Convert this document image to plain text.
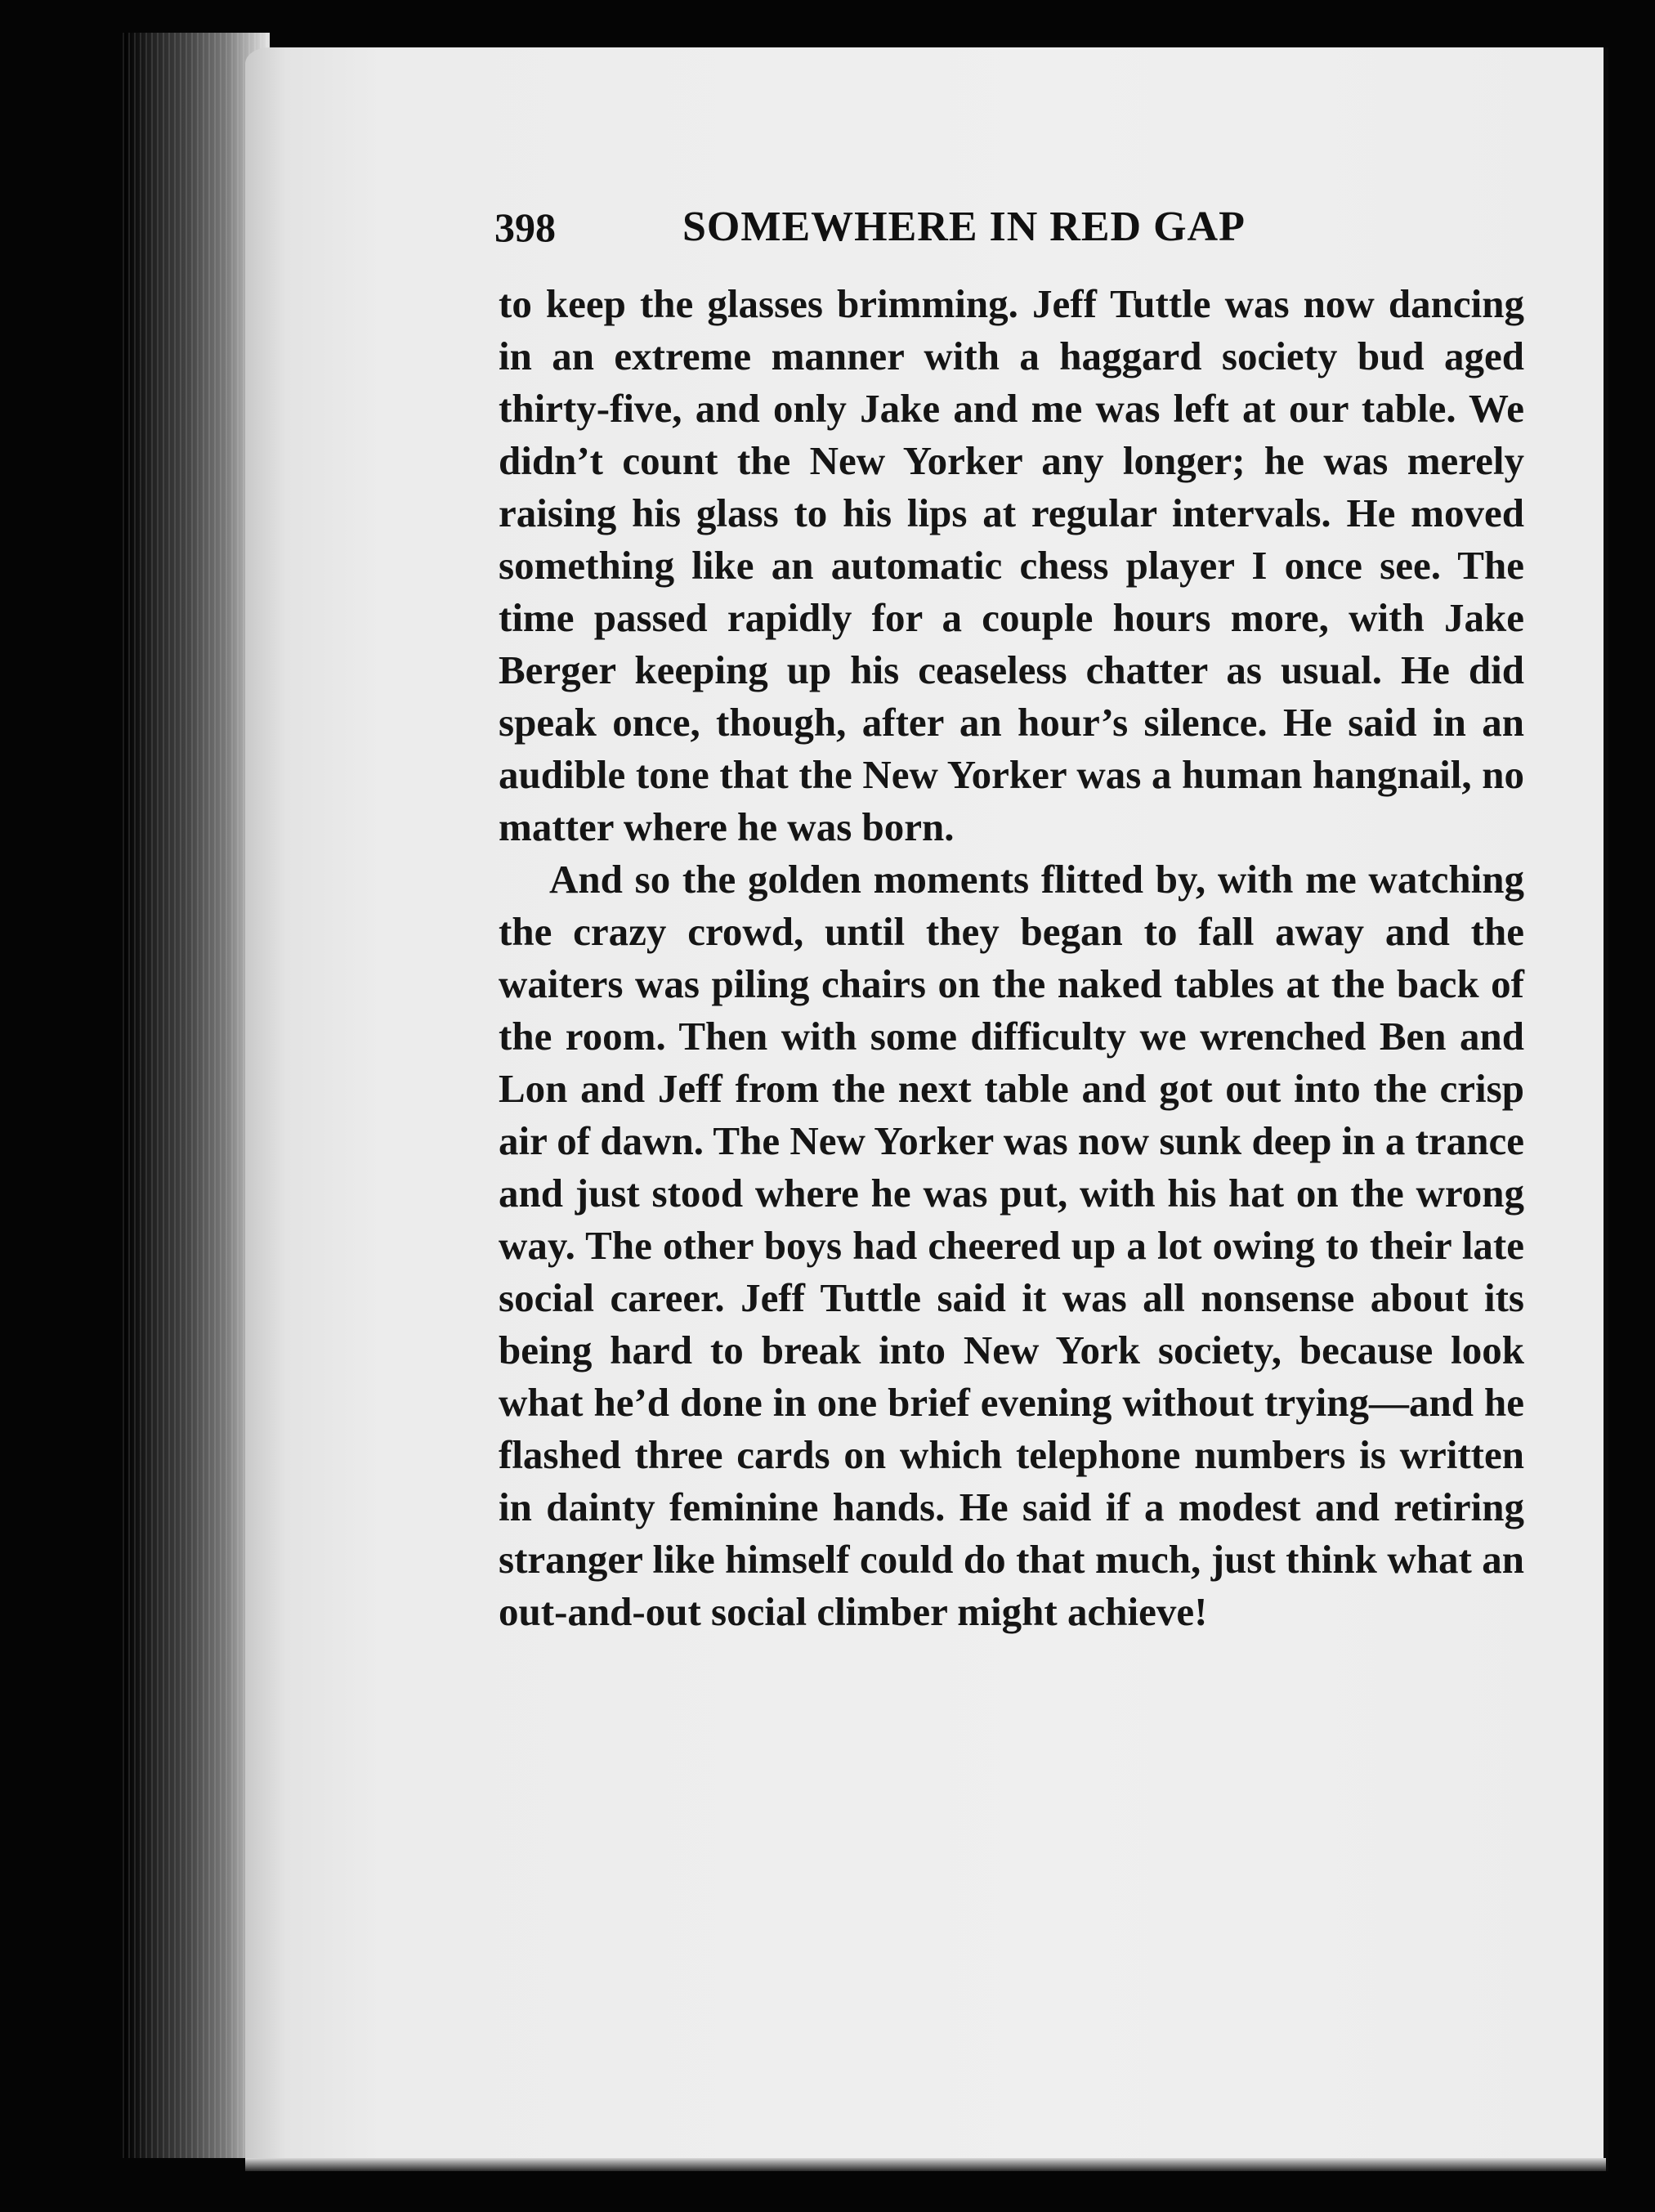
398	SOMEWHERE IN RED GAP

to keep the glasses brimming. Jeff Tuttle was now dancing in an extreme manner with a haggard society bud aged thirty-five, and only Jake and me was left at our table. We didn’t count the New Yorker any longer; he was merely raising his glass to his lips at regular intervals. He moved something like an automatic chess player I once see. The time passed rapidly for a couple hours more, with Jake Berger keeping up his ceaseless chatter as usual. He did speak once, though, after an hour’s silence. He said in an audible tone that the New Yorker was a human hangnail, no matter where he was born.

And so the golden moments flitted by, with me watching the crazy crowd, until they began to fall away and the waiters was piling chairs on the naked tables at the back of the room. Then with some difficulty we wrenched Ben and Lon and Jeff from the next table and got out into the crisp air of dawn. The New Yorker was now sunk deep in a trance and just stood where he was put, with his hat on the wrong way. The other boys had cheered up a lot owing to their late social career. Jeff Tuttle said it was all nonsense about its being hard to break into New York society, because look what he’d done in one brief evening without trying—and he flashed three cards on which telephone numbers is written in dainty feminine hands. He said if a modest and retiring stranger like himself could do that much, just think what an out-and-out social climber might achieve!
